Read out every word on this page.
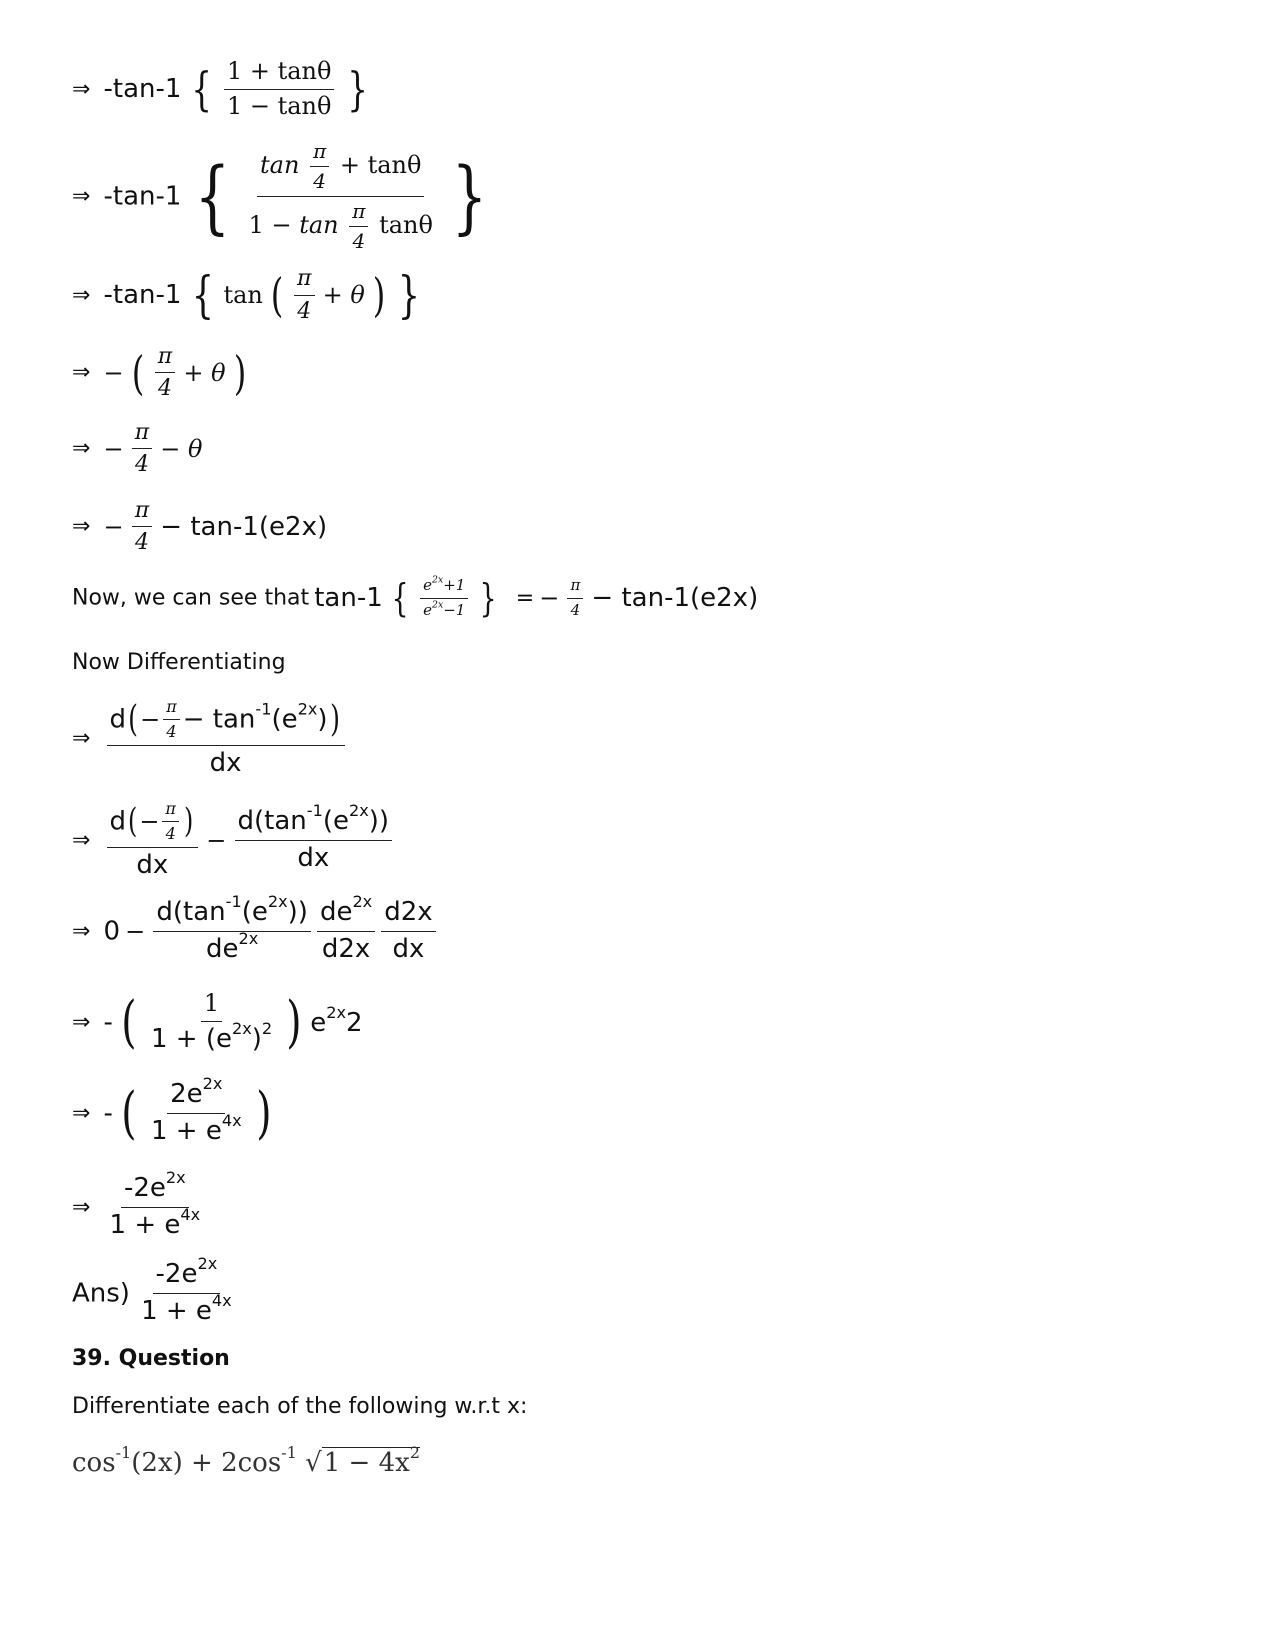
⇒ -tan-1 { $\frac{1 + \tan\theta}{1 - \tan\theta}$ }
⇒ -tan-1 { $\frac{\tan \frac{\pi}{4} + \tan\theta}{1 - \tan \frac{\pi}{4} \tan\theta}$ }
⇒ -tan-1 { tan ( $\frac{\pi}{4} + \theta$ ) }
⇒ − ( $\frac{\pi}{4} + \theta$ )
⇒ − $\frac{\pi}{4} - \theta$
⇒ − $\frac{\pi}{4} - \tan-1(e2x)$
Now, we can see that tan-1 { $\frac{e^{2x}+1}{e^{2x}-1}$ } = − $\frac{\pi}{4} - \tan-1(e2x)$
Now Differentiating
⇒ $\frac{d(- \frac{\pi}{4} - \tan^{-1}(e^{2x}))}{dx}$
⇒ $\frac{d(- \frac{\pi}{4} )}{dx} - \frac{d(\tan^{-1}(e^{2x}))}{dx}$
⇒ $0 - \frac{d(\tan^{-1}(e^{2x}))}{de^{2x}} \frac{de^{2x}}{d2x} \frac{d2x}{dx}$
⇒ - ( $\frac{1}{1 + (e^{2x})^2}$ ) $e^{2x}2$
⇒ - ( $\frac{2e^{2x}}{1 + e^{4x}}$ )
⇒ $\frac{-2e^{2x}}{1 + e^{4x}}$
$Ans) \frac{-2e^{2x}}{1 + e^{4x}}$
39. Question
Differentiate each of the following w.r.t x:
$\cos^{-1}(2x) + 2\cos^{-1}$ $√1 - 4x^2$
